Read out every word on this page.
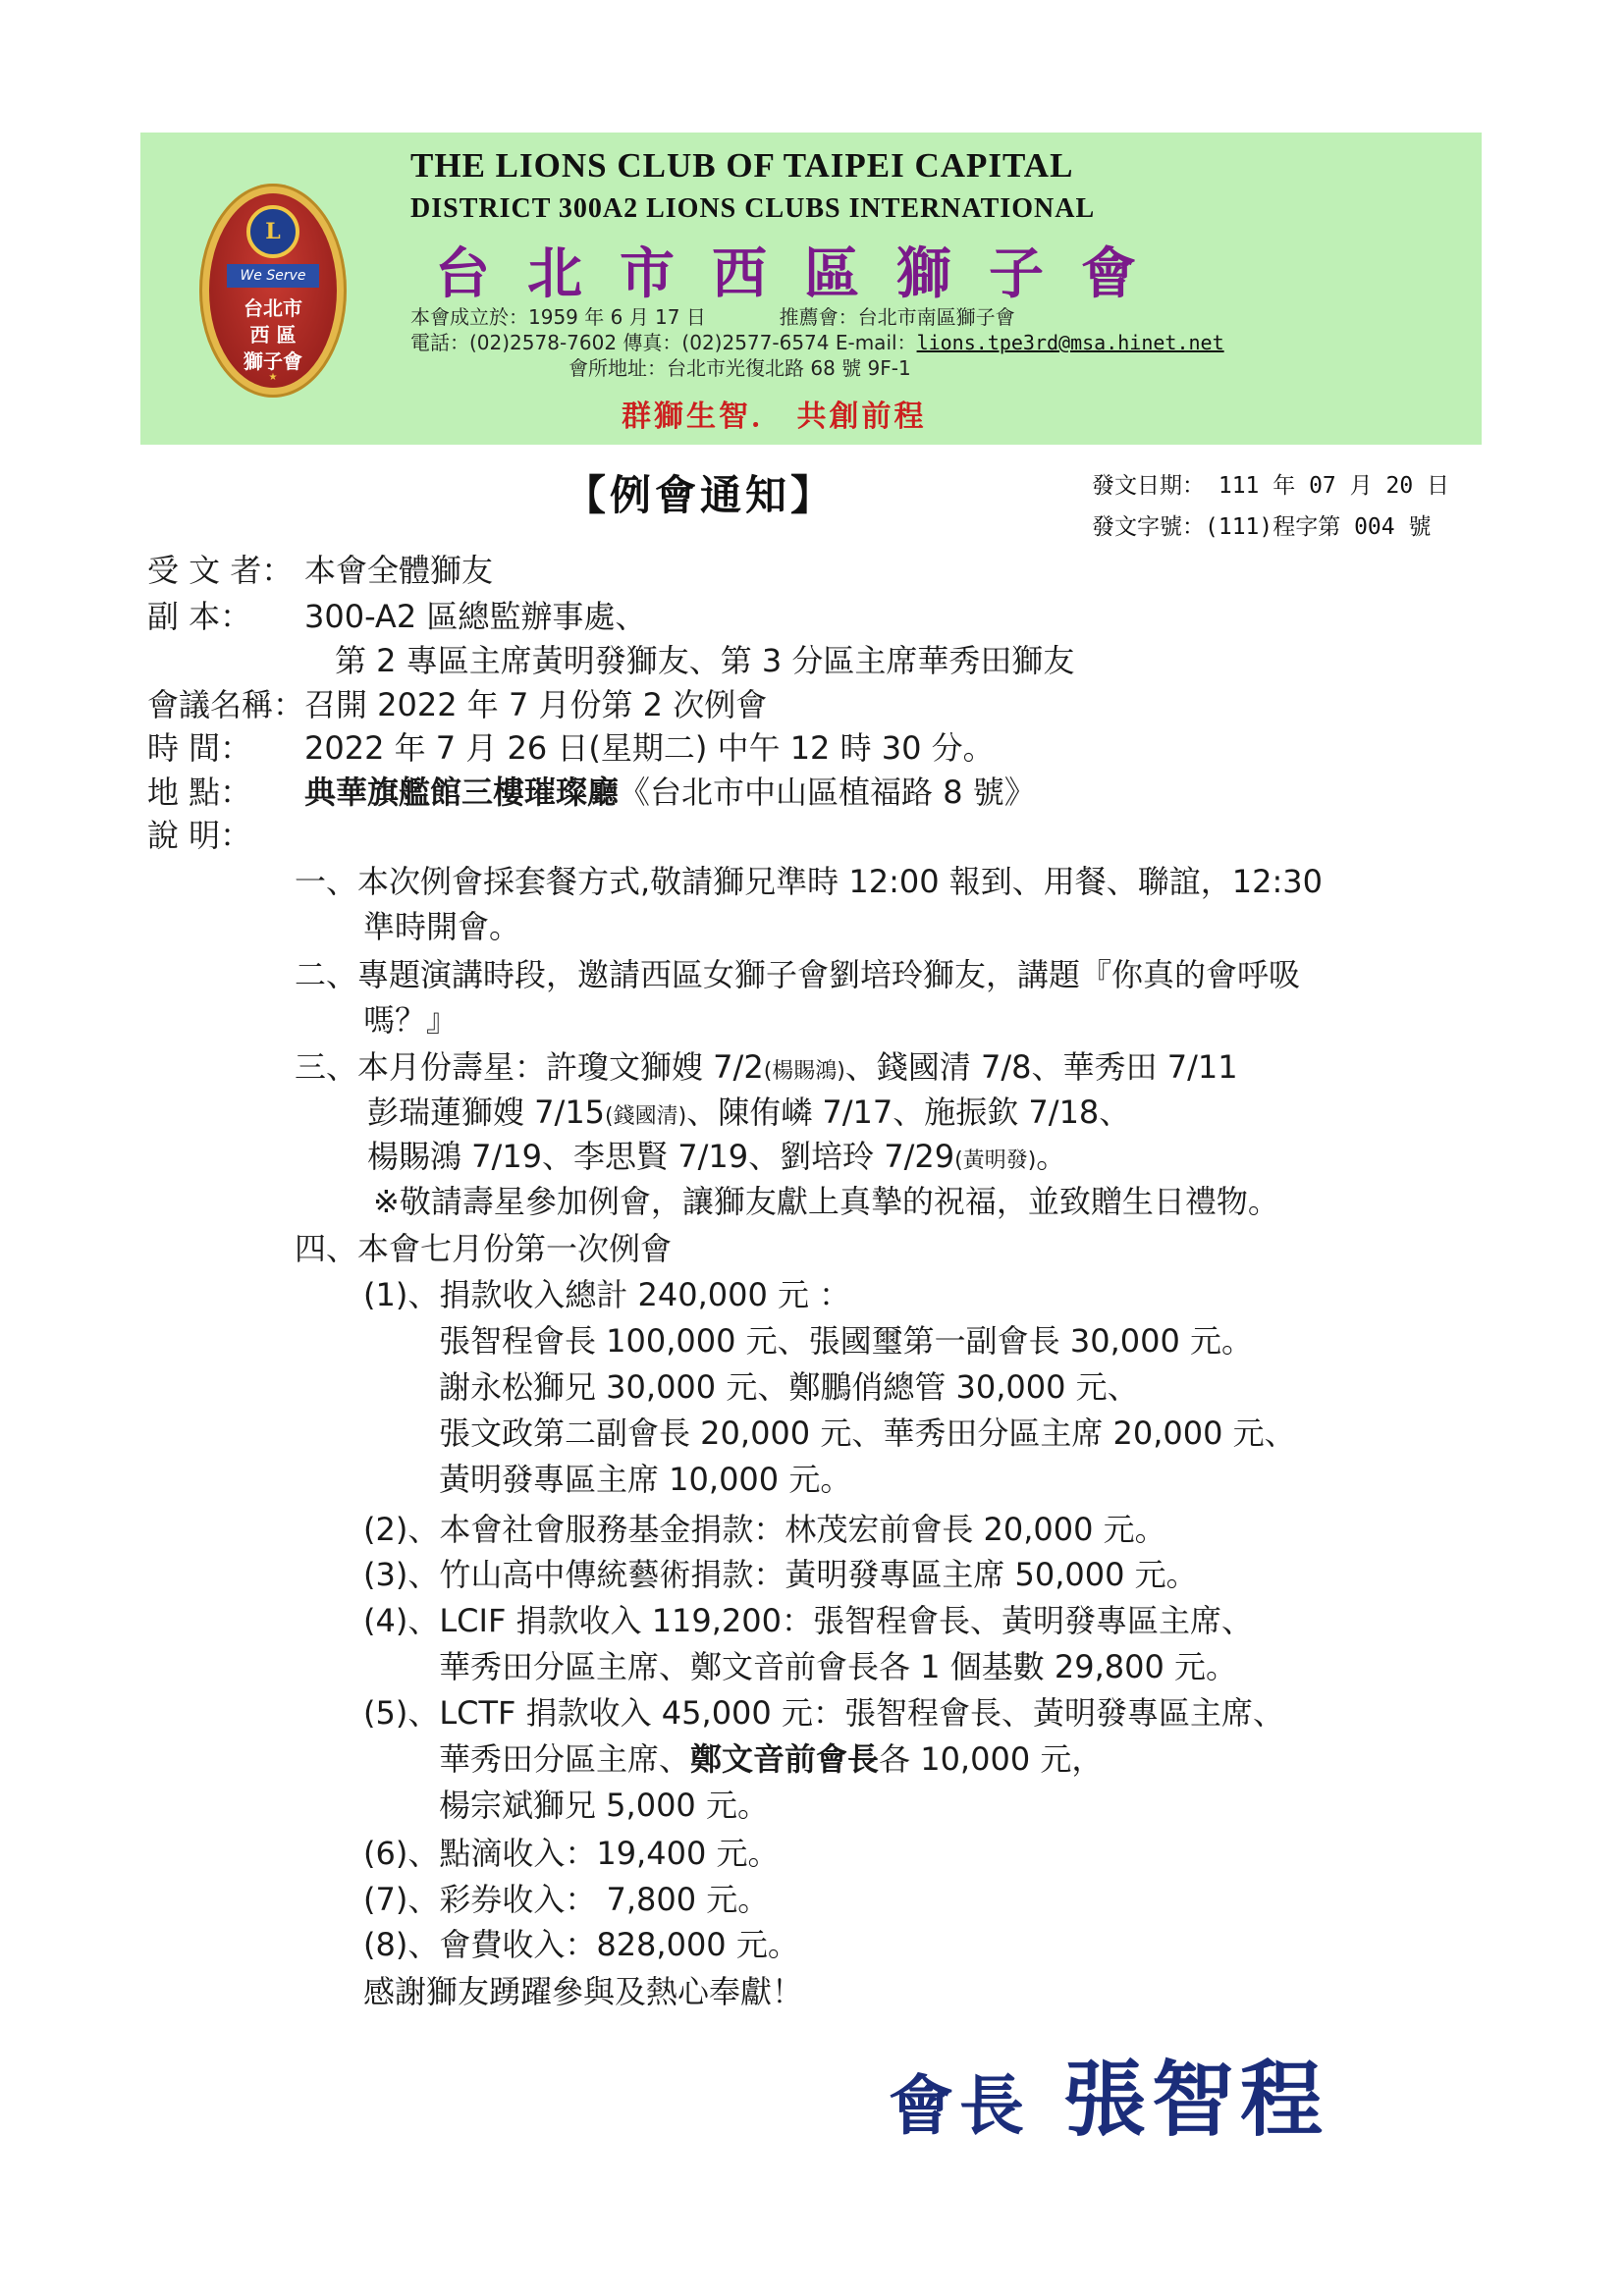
L
We Serve
台北市
西 區
獅子會
★
THE LIONS CLUB OF TAIPEI CAPITAL
DISTRICT 300A2 LIONS CLUBS INTERNATIONAL
台北市西區獅子會
本會成立於：1959 年 6 月 17 日	推薦會：台北市南區獅子會
電話：(02)2578-7602 傳真：(02)2577-6574 E-mail：lions.tpe3rd@msa.hinet.net
會所地址：台北市光復北路 68 號 9F-1
群獅生智． 共創前程
【例會通知】	發文日期： 111 年 07 月 20 日
發文字號：(111)程字第 004 號
受 文 者： 本會全體獅友
副 本： 300-A2 區總監辦事處、
第 2 專區主席黃明發獅友、第 3 分區主席華秀田獅友
會議名稱：召開 2022 年 7 月份第 2 次例會
時 間： 2022 年 7 月 26 日(星期二) 中午 12 時 30 分。
地 點： 典華旗艦館三樓璀璨廳《台北市中山區植福路 8 號》
說 明：
一、本次例會採套餐方式,敬請獅兄準時 12:00 報到、用餐、聯誼，12:30
準時開會。
二、專題演講時段，邀請西區女獅子會劉培玲獅友，講題『你真的會呼吸
嗎？』
三、本月份壽星：許瓊文獅嫂 7/2(楊賜鴻)、錢國清 7/8、華秀田 7/11
彭瑞蓮獅嫂 7/15(錢國清)、陳侑嶙 7/17、施振欽 7/18、
楊賜鴻 7/19、李思賢 7/19、劉培玲 7/29(黃明發)。
※敬請壽星參加例會，讓獅友獻上真摯的祝福，並致贈生日禮物。
四、本會七月份第一次例會
(1)、捐款收入總計 240,000 元 ：
張智程會長 100,000 元、張國璽第一副會長 30,000 元。
謝永松獅兄 30,000 元、鄭鵬俏總管 30,000 元、
張文政第二副會長 20,000 元、華秀田分區主席 20,000 元、
黃明發專區主席 10,000 元。
(2)、本會社會服務基金捐款：林茂宏前會長 20,000 元。
(3)、竹山高中傳統藝術捐款：黃明發專區主席 50,000 元。
(4)、LCIF 捐款收入 119,200：張智程會長、黃明發專區主席、
華秀田分區主席、鄭文音前會長各 1 個基數 29,800 元。
(5)、LCTF 捐款收入 45,000 元：張智程會長、黃明發專區主席、
華秀田分區主席、鄭文音前會長各 10,000 元，
楊宗斌獅兄 5,000 元。
(6)、點滴收入：19,400 元。
(7)、彩券收入： 7,800 元。
(8)、會費收入：828,000 元。
感謝獅友踴躍參與及熱心奉獻！
會長 張智程
